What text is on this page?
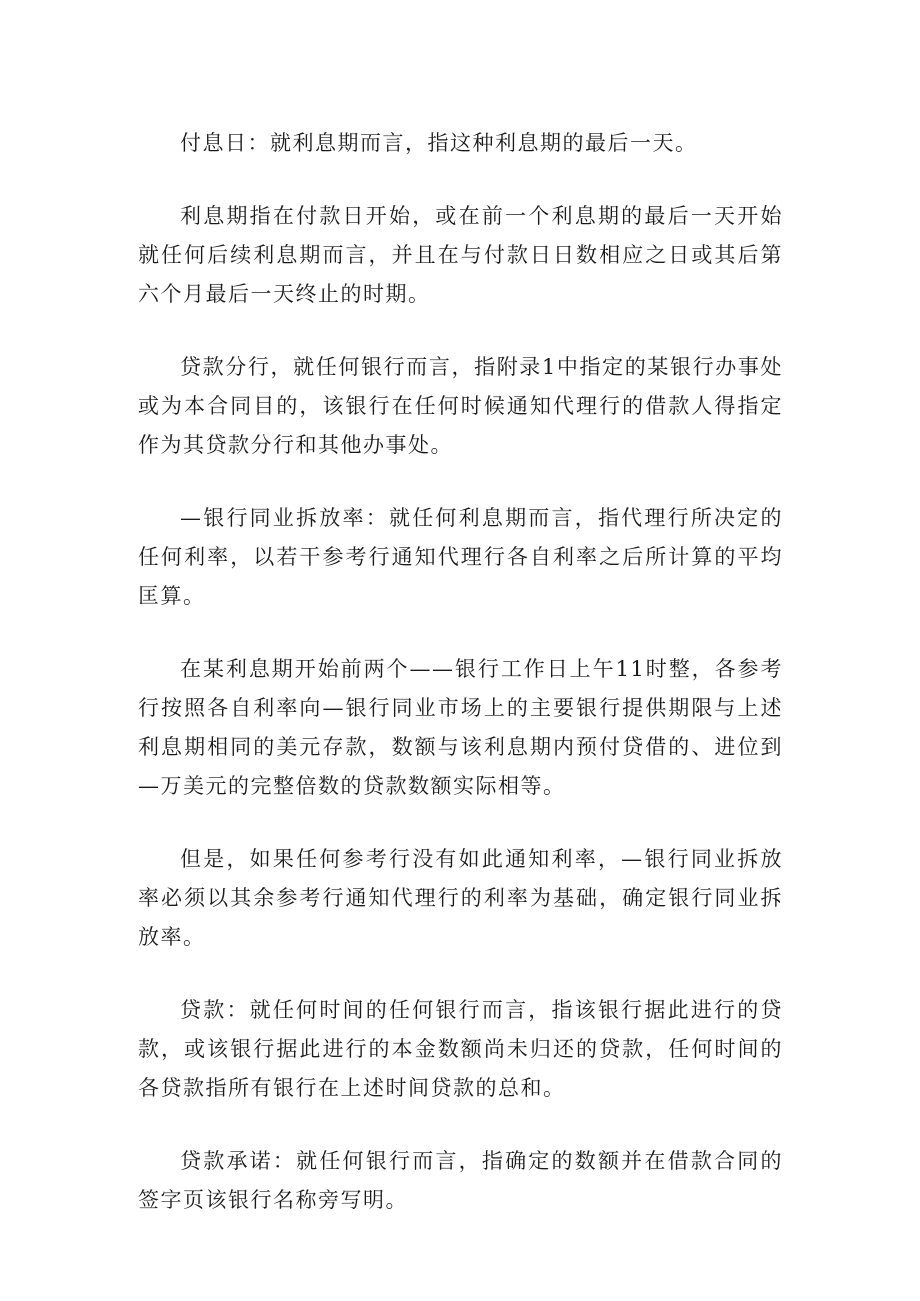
付息日：就利息期而言，指这种利息期的最后一天。

利息期指在付款日开始，或在前一个利息期的最后一天开始就任何后续利息期而言，并且在与付款日日数相应之日或其后第六个月最后一天终止的时期。

贷款分行，就任何银行而言，指附录1中指定的某银行办事处或为本合同目的，该银行在任何时候通知代理行的借款人得指定作为其贷款分行和其他办事处。

—银行同业拆放率：就任何利息期而言，指代理行所决定的任何利率，以若干参考行通知代理行各自利率之后所计算的平均匡算。

在某利息期开始前两个——银行工作日上午11时整，各参考行按照各自利率向—银行同业市场上的主要银行提供期限与上述利息期相同的美元存款，数额与该利息期内预付贷借的、进位到—万美元的完整倍数的贷款数额实际相等。

但是，如果任何参考行没有如此通知利率，—银行同业拆放率必须以其余参考行通知代理行的利率为基础，确定银行同业拆放率。

贷款：就任何时间的任何银行而言，指该银行据此进行的贷款，或该银行据此进行的本金数额尚未归还的贷款，任何时间的各贷款指所有银行在上述时间贷款的总和。

贷款承诺：就任何银行而言，指确定的数额并在借款合同的签字页该银行名称旁写明。
